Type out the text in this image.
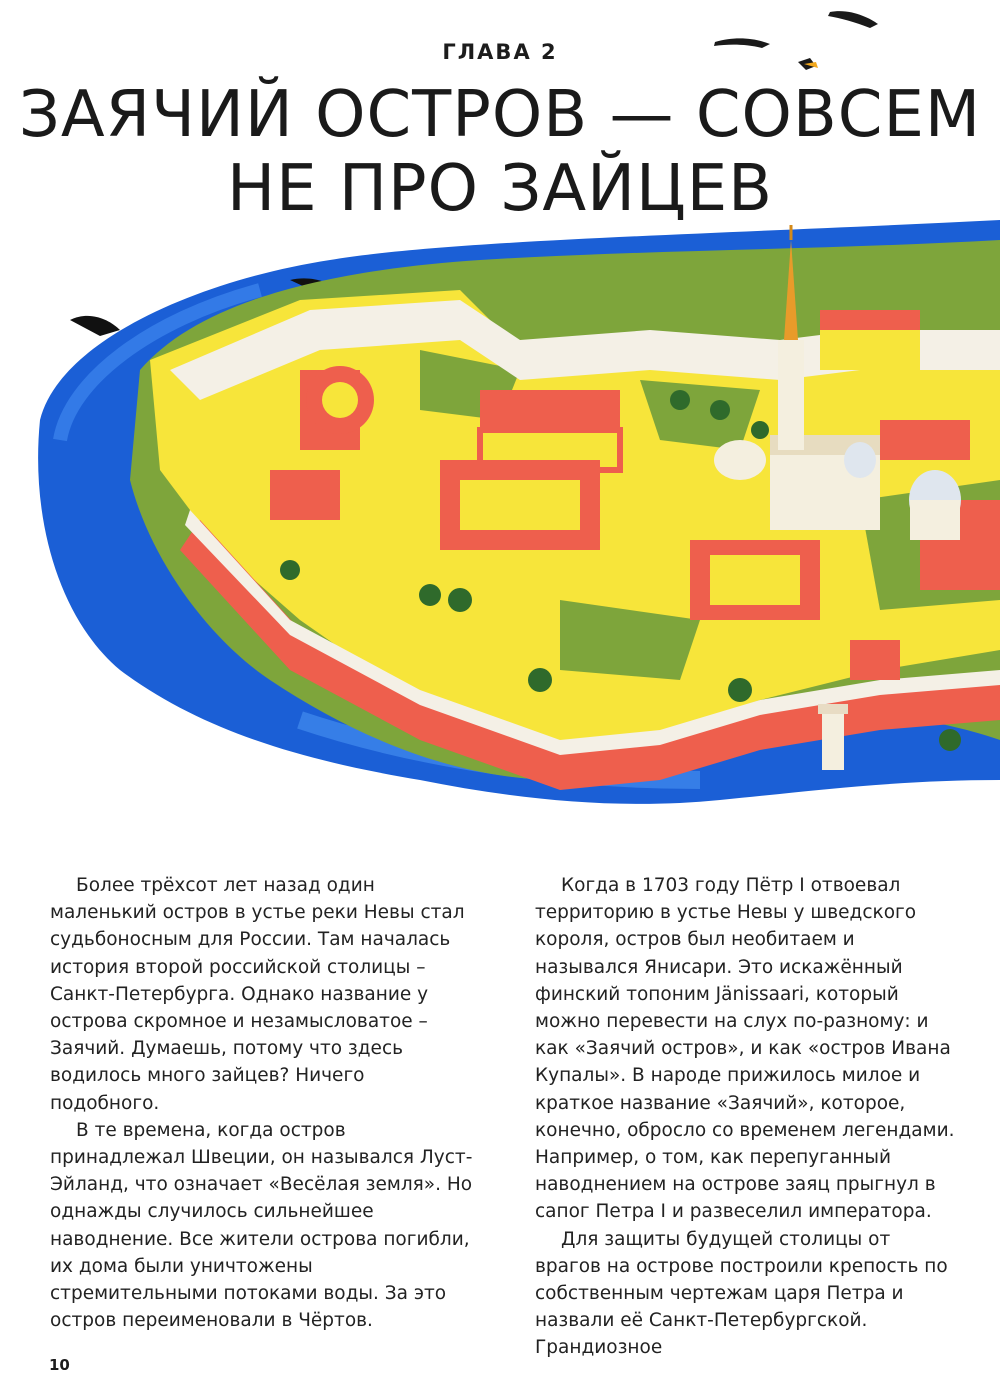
ГЛАВА 2
ЗАЯЧИЙ ОСТРОВ — СОВСЕМ
НЕ ПРО ЗАЙЦЕВ

Более трёхсот лет назад один маленький остров в устье реки Невы стал судьбоносным для России. Там началась история второй российской столицы – Санкт-Петербурга. Однако название у острова скромное и незамысловатое – Заячий. Думаешь, потому что здесь водилось много зайцев? Ничего подобного.

В те времена, когда остров принадлежал Швеции, он назывался Луст-Эйланд, что означает «Весёлая земля». Но однажды случилось сильнейшее наводнение. Все жители острова погибли, их дома были уничтожены стремительными потоками воды. За это остров переименовали в Чёртов.

Когда в 1703 году Пётр I отвоевал территорию в устье Невы у шведского короля, остров был необитаем и назывался Янисари. Это искажённый финский топоним Jänissaari, который можно перевести на слух по-разному: и как «Заячий остров», и как «остров Ивана Купалы». В народе прижилось милое и краткое название «Заячий», которое, конечно, обросло со временем легендами. Например, о том, как перепуганный наводнением на острове заяц прыгнул в сапог Петра I и развеселил императора.

Для защиты будущей столицы от врагов на острове построили крепость по собственным чертежам царя Петра и назвали её Санкт-Петербургской. Грандиозное

10
